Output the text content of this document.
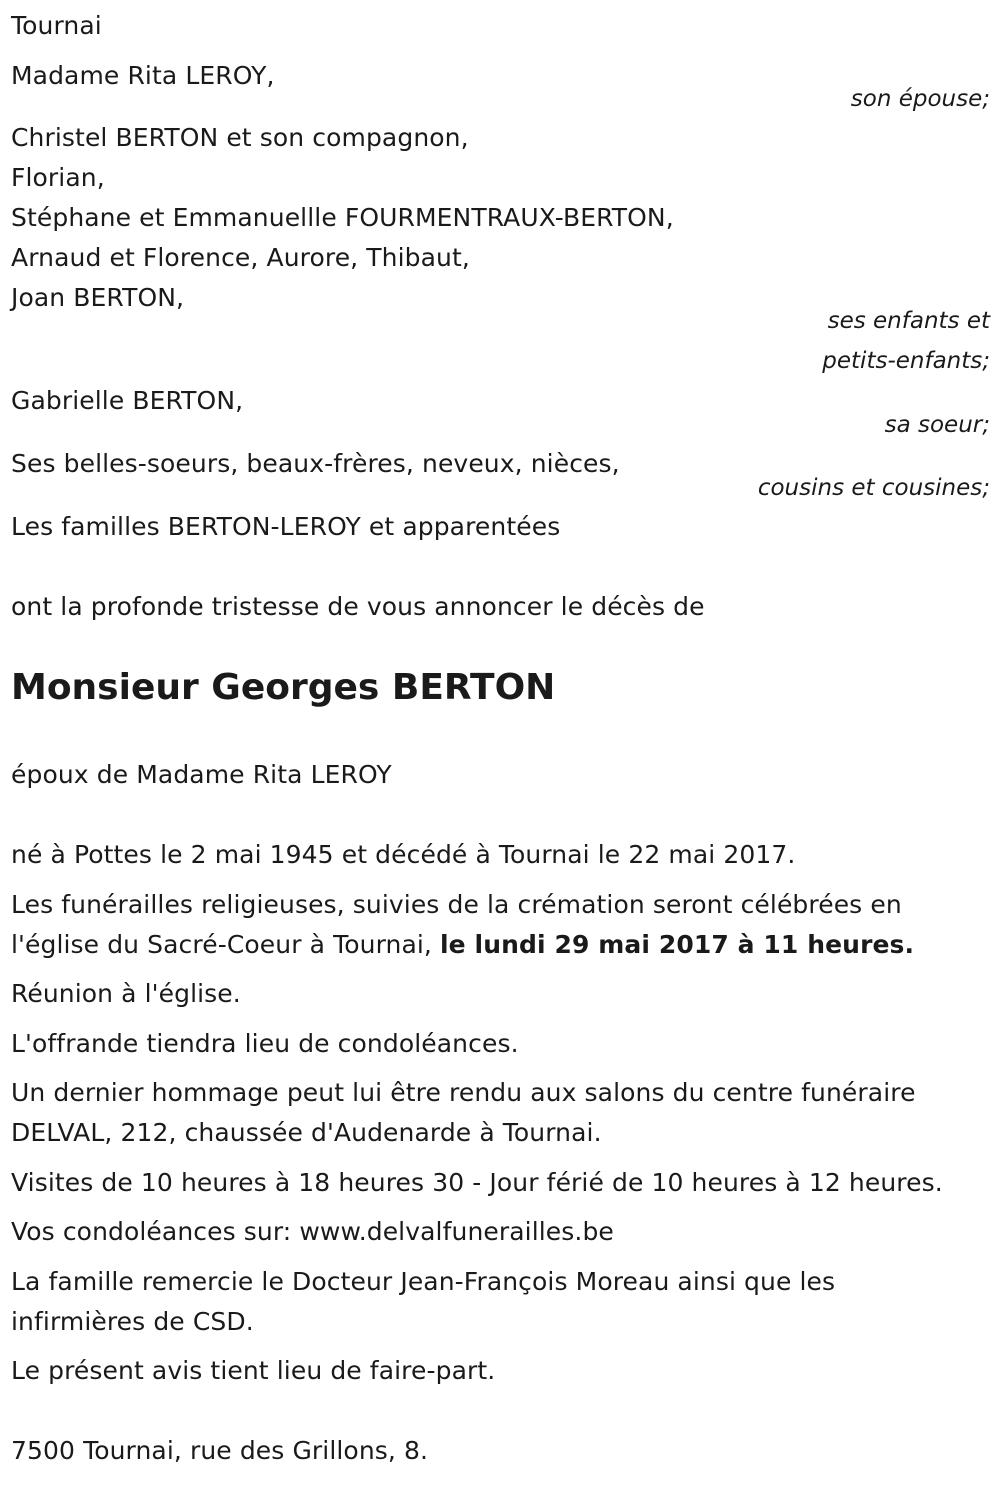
Tournai
Madame Rita LEROY,
son épouse;
Christel BERTON et son compagnon,
Florian,
Stéphane et Emmanuellle FOURMENTRAUX-BERTON,
Arnaud et Florence, Aurore, Thibaut,
Joan BERTON,
ses enfants et
petits-enfants;
Gabrielle BERTON,
sa soeur;
Ses belles-soeurs, beaux-frères, neveux, nièces,
cousins et cousines;
Les familles BERTON-LEROY et apparentées
ont la profonde tristesse de vous annoncer le décès de
Monsieur Georges BERTON
époux de Madame Rita LEROY
né à Pottes le 2 mai 1945 et décédé à Tournai le 22 mai 2017.
Les funérailles religieuses, suivies de la crémation seront célébrées en
l'église du Sacré-Coeur à Tournai, le lundi 29 mai 2017 à 11 heures.
Réunion à l'église.
L'offrande tiendra lieu de condoléances.
Un dernier hommage peut lui être rendu aux salons du centre funéraire
DELVAL, 212, chaussée d'Audenarde à Tournai.
Visites de 10 heures à 18 heures 30 - Jour férié de 10 heures à 12 heures.
Vos condoléances sur: www.delvalfunerailles.be
La famille remercie le Docteur Jean-François Moreau ainsi que les
infirmières de CSD.
Le présent avis tient lieu de faire-part.
7500 Tournai, rue des Grillons, 8.
